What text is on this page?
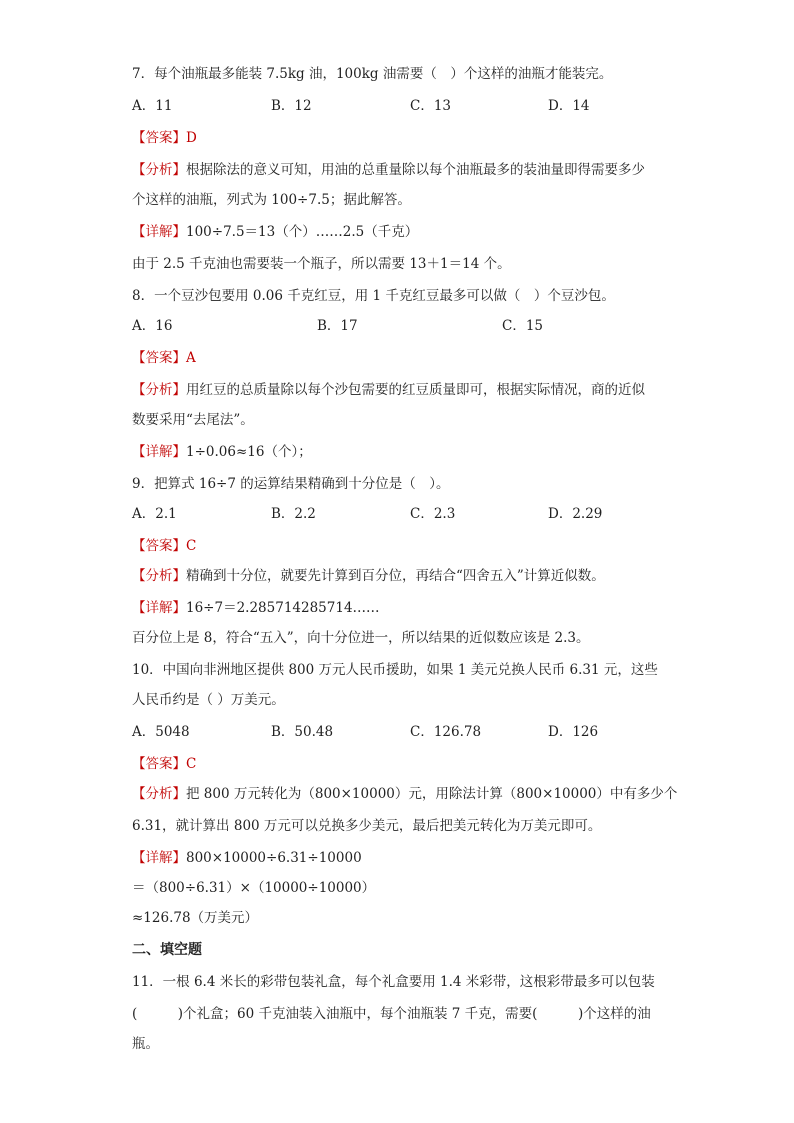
7．每个油瓶最多能装 7.5kg 油，100kg 油需要（　）个这样的油瓶才能装完。
A．11	B．12	C．13	D．14
【答案】D
【分析】根据除法的意义可知，用油的总重量除以每个油瓶最多的装油量即得需要多少
个这样的油瓶，列式为 100÷7.5；据此解答。
【详解】100÷7.5＝13（个）……2.5（千克）
由于 2.5 千克油也需要装一个瓶子，所以需要 13＋1＝14 个。
8．一个豆沙包要用 0.06 千克红豆，用 1 千克红豆最多可以做（　）个豆沙包。
A．16	B．17	C．15
【答案】A
【分析】用红豆的总质量除以每个沙包需要的红豆质量即可，根据实际情况，商的近似
数要采用“去尾法”。
【详解】1÷0.06≈16（个）；
9．把算式 16÷7 的运算结果精确到十分位是（　）。
A．2.1	B．2.2	C．2.3	D．2.29
【答案】C
【分析】精确到十分位，就要先计算到百分位，再结合“四舍五入”计算近似数。
【详解】16÷7＝2.285714285714……
百分位上是 8，符合“五入”，向十分位进一，所以结果的近似数应该是 2.3。
10．中国向非洲地区提供 800 万元人民币援助，如果 1 美元兑换人民币 6.31 元，这些
人民币约是（ ）万美元。
A．5048	B．50.48	C．126.78	D．126
【答案】C
【分析】把 800 万元转化为（800×10000）元，用除法计算（800×10000）中有多少个
6.31，就计算出 800 万元可以兑换多少美元，最后把美元转化为万美元即可。
【详解】800×10000÷6.31÷10000
＝（800÷6.31）×（10000÷10000）
≈126.78（万美元）
二、填空题
11．一根 6.4 米长的彩带包装礼盒，每个礼盒要用 1.4 米彩带，这根彩带最多可以包装
(　　　)个礼盒；60 千克油装入油瓶中，每个油瓶装 7 千克，需要(　　　)个这样的油
瓶。
